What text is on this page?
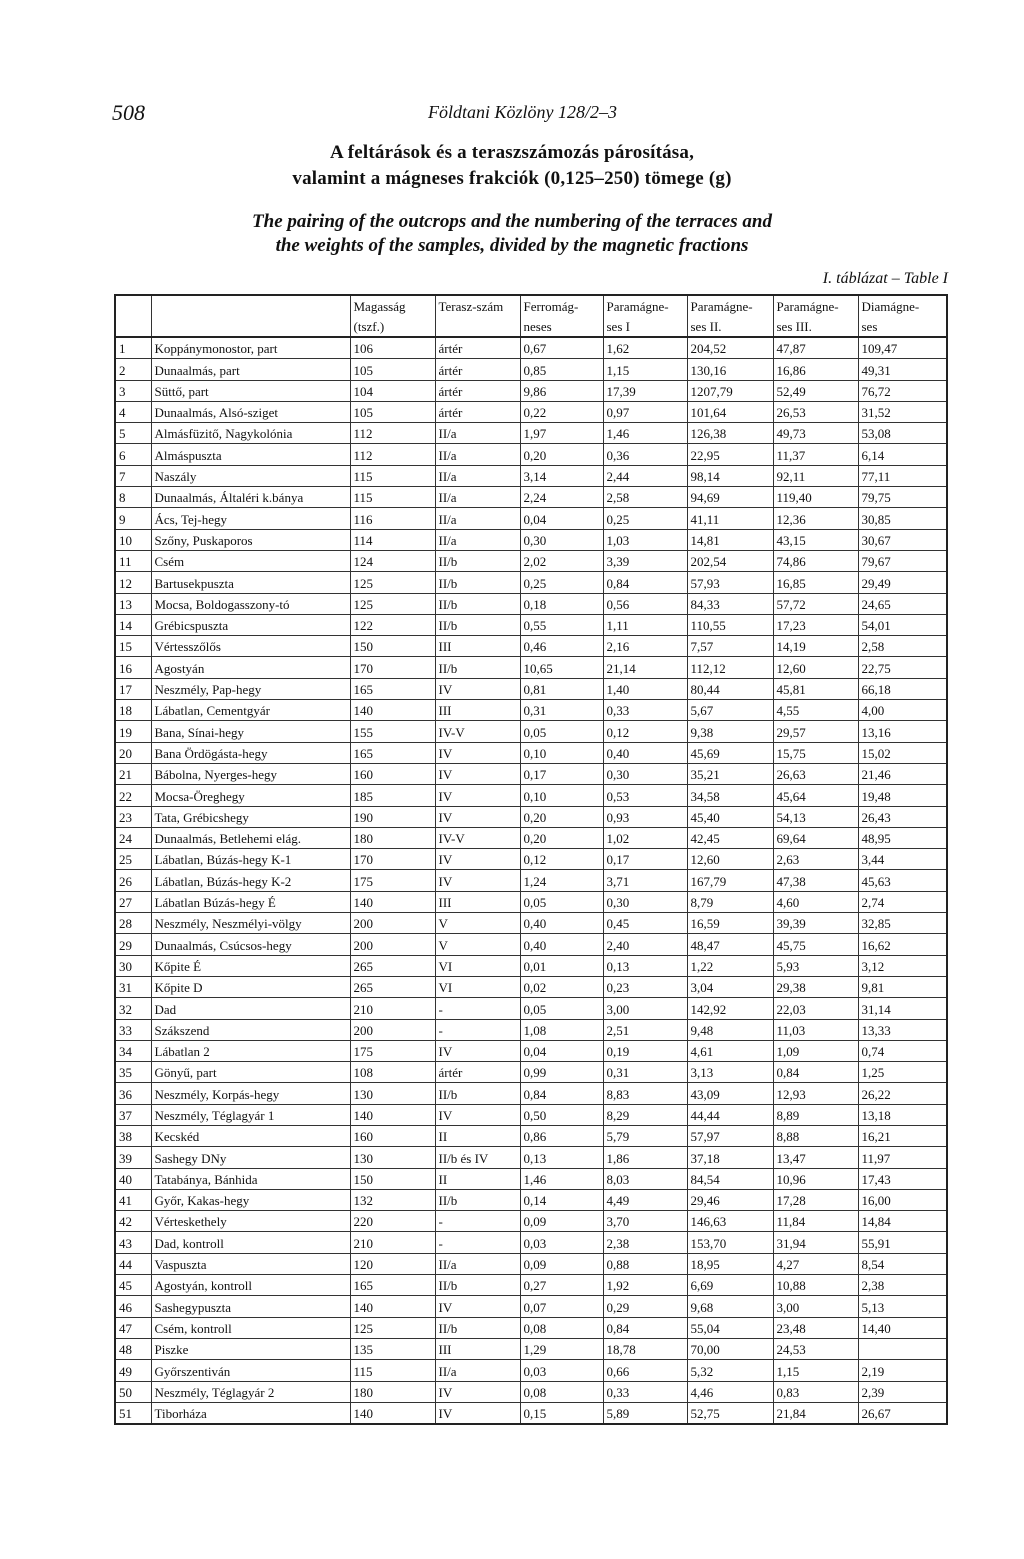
508	Földtani Közlöny 128/2–3
A feltárások és a teraszszámozás párosítása,
valamint a mágneses frakciók (0,125–250) tömege (g)
The pairing of the outcrops and the numbering of the terraces and
the weights of the samples, divided by the magnetic fractions
I. táblázat – Table I
		Magasság	Terasz-szám	Ferromág-	Paramágne-	Paramágne-	Paramágne-	Diamágne-
		(tszf.)		neses	ses I	ses II.	ses III.	ses
1	Koppánymonostor, part	106	ártér	0,67	1,62	204,52	47,87	109,47
2	Dunaalmás, part	105	ártér	0,85	1,15	130,16	16,86	49,31
3	Süttő, part	104	ártér	9,86	17,39	1207,79	52,49	76,72
4	Dunaalmás, Alsó-sziget	105	ártér	0,22	0,97	101,64	26,53	31,52
5	Almásfüzitő, Nagykolónia	112	II/a	1,97	1,46	126,38	49,73	53,08
6	Almáspuszta	112	II/a	0,20	0,36	22,95	11,37	6,14
7	Naszály	115	II/a	3,14	2,44	98,14	92,11	77,11
8	Dunaalmás, Általéri k.bánya	115	II/a	2,24	2,58	94,69	119,40	79,75
9	Ács, Tej-hegy	116	II/a	0,04	0,25	41,11	12,36	30,85
10	Szőny, Puskaporos	114	II/a	0,30	1,03	14,81	43,15	30,67
11	Csém	124	II/b	2,02	3,39	202,54	74,86	79,67
12	Bartusekpuszta	125	II/b	0,25	0,84	57,93	16,85	29,49
13	Mocsa, Boldogasszony-tó	125	II/b	0,18	0,56	84,33	57,72	24,65
14	Grébicspuszta	122	II/b	0,55	1,11	110,55	17,23	54,01
15	Vértesszőlős	150	III	0,46	2,16	7,57	14,19	2,58
16	Agostyán	170	II/b	10,65	21,14	112,12	12,60	22,75
17	Neszmély, Pap-hegy	165	IV	0,81	1,40	80,44	45,81	66,18
18	Lábatlan, Cementgyár	140	III	0,31	0,33	5,67	4,55	4,00
19	Bana, Sínai-hegy	155	IV-V	0,05	0,12	9,38	29,57	13,16
20	Bana Ördögásta-hegy	165	IV	0,10	0,40	45,69	15,75	15,02
21	Bábolna, Nyerges-hegy	160	IV	0,17	0,30	35,21	26,63	21,46
22	Mocsa-Öreghegy	185	IV	0,10	0,53	34,58	45,64	19,48
23	Tata, Grébicshegy	190	IV	0,20	0,93	45,40	54,13	26,43
24	Dunaalmás, Betlehemi elág.	180	IV-V	0,20	1,02	42,45	69,64	48,95
25	Lábatlan, Búzás-hegy K-1	170	IV	0,12	0,17	12,60	2,63	3,44
26	Lábatlan, Búzás-hegy K-2	175	IV	1,24	3,71	167,79	47,38	45,63
27	Lábatlan Búzás-hegy É	140	III	0,05	0,30	8,79	4,60	2,74
28	Neszmély, Neszmélyi-völgy	200	V	0,40	0,45	16,59	39,39	32,85
29	Dunaalmás, Csúcsos-hegy	200	V	0,40	2,40	48,47	45,75	16,62
30	Kőpite É	265	VI	0,01	0,13	1,22	5,93	3,12
31	Kőpite D	265	VI	0,02	0,23	3,04	29,38	9,81
32	Dad	210	-	0,05	3,00	142,92	22,03	31,14
33	Szákszend	200	-	1,08	2,51	9,48	11,03	13,33
34	Lábatlan 2	175	IV	0,04	0,19	4,61	1,09	0,74
35	Gönyű, part	108	ártér	0,99	0,31	3,13	0,84	1,25
36	Neszmély, Korpás-hegy	130	II/b	0,84	8,83	43,09	12,93	26,22
37	Neszmély, Téglagyár 1	140	IV	0,50	8,29	44,44	8,89	13,18
38	Kecskéd	160	II	0,86	5,79	57,97	8,88	16,21
39	Sashegy DNy	130	II/b és IV	0,13	1,86	37,18	13,47	11,97
40	Tatabánya, Bánhida	150	II	1,46	8,03	84,54	10,96	17,43
41	Győr, Kakas-hegy	132	II/b	0,14	4,49	29,46	17,28	16,00
42	Vérteskethely	220	-	0,09	3,70	146,63	11,84	14,84
43	Dad, kontroll	210	-	0,03	2,38	153,70	31,94	55,91
44	Vaspuszta	120	II/a	0,09	0,88	18,95	4,27	8,54
45	Agostyán, kontroll	165	II/b	0,27	1,92	6,69	10,88	2,38
46	Sashegypuszta	140	IV	0,07	0,29	9,68	3,00	5,13
47	Csém, kontroll	125	II/b	0,08	0,84	55,04	23,48	14,40
48	Piszke	135	III	1,29	18,78	70,00	24,53	
49	Győrszentiván	115	II/a	0,03	0,66	5,32	1,15	2,19
50	Neszmély, Téglagyár 2	180	IV	0,08	0,33	4,46	0,83	2,39
51	Tiborháza	140	IV	0,15	5,89	52,75	21,84	26,67
